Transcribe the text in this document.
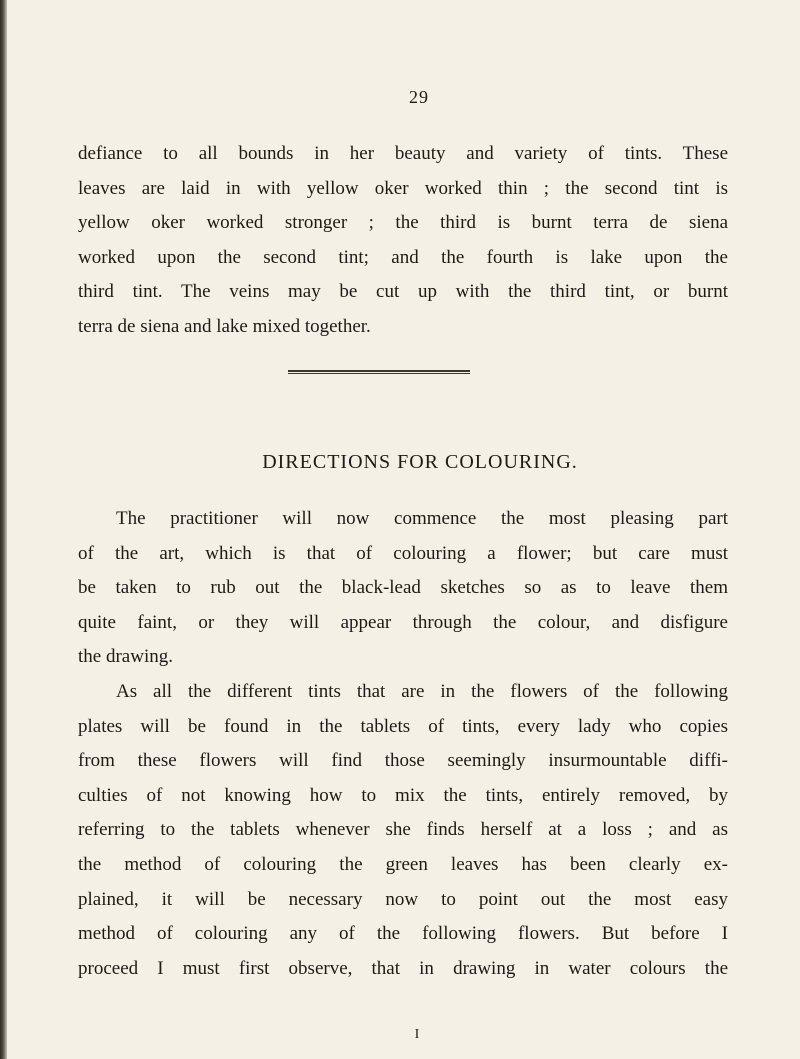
29
defiance to all bounds in her beauty and variety of tints. These
leaves are laid in with yellow oker worked thin ; the second tint is
yellow oker worked stronger ; the third is burnt terra de siena
worked upon the second tint; and the fourth is lake upon the
third tint. The veins may be cut up with the third tint, or burnt
terra de siena and lake mixed together.
DIRECTIONS FOR COLOURING.
The practitioner will now commence the most pleasing part
of the art, which is that of colouring a flower; but care must
be taken to rub out the black-lead sketches so as to leave them
quite faint, or they will appear through the colour, and disfigure
the drawing.
As all the different tints that are in the flowers of the following
plates will be found in the tablets of tints, every lady who copies
from these flowers will find those seemingly insurmountable diffi-
culties of not knowing how to mix the tints, entirely removed, by
referring to the tablets whenever she finds herself at a loss ; and as
the method of colouring the green leaves has been clearly ex-
plained, it will be necessary now to point out the most easy
method of colouring any of the following flowers. But before I
proceed I must first observe, that in drawing in water colours the
I
